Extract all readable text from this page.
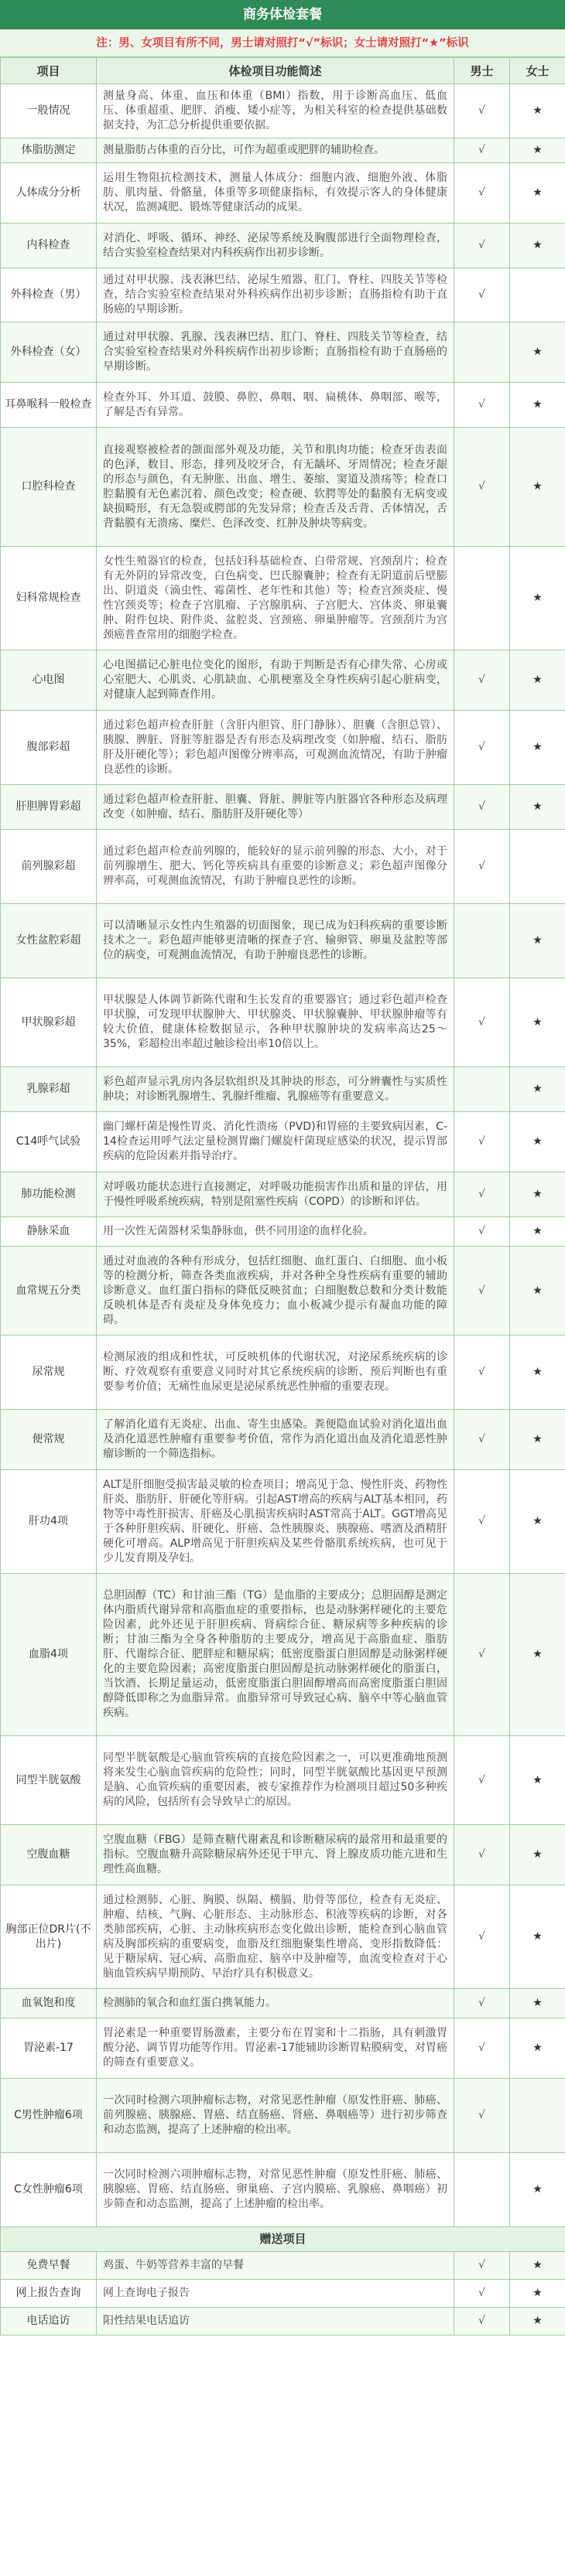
商务体检套餐
注：男、女项目有所不同，男士请对照打“√”标识；女士请对照打“★”标识
项目	体检项目功能简述	男士	女士
一般情况	测量身高、体重、血压和体重（BMI）指数，用于诊断高血压、低血压、体重超重、肥胖、消瘦、矮小症等，为相关科室的检查提供基础数据支持，为汇总分析提供重要依据。	√	★
体脂肪测定	测量脂肪占体重的百分比，可作为超重或肥胖的辅助检查。	√	★
人体成分分析	运用生物阻抗检测技术，测量人体成分：细胞内液、细胞外液、体脂肪、肌肉量、骨骼量，体重等多项健康指标，有效提示客人的身体健康状况，监测减肥、锻炼等健康活动的成果。	√	★
内科检查	对消化、呼吸、循环、神经、泌尿等系统及胸腹部进行全面物理检查，结合实验室检查结果对内科疾病作出初步诊断。	√	★
外科检查（男）	通过对甲状腺、浅表淋巴结、泌尿生殖器、肛门、脊柱、四肢关节等检查，结合实验室检查结果对外科疾病作出初步诊断；直肠指检有助于直肠癌的早期诊断。	√	
外科检查（女）	通过对甲状腺、乳腺、浅表淋巴结、肛门、脊柱、四肢关节等检查，结合实验室检查结果对外科疾病作出初步诊断；直肠指检有助于直肠癌的早期诊断。		★
耳鼻喉科一般检查	检查外耳、外耳道、鼓膜、鼻腔、鼻咽、咽、扁桃体、鼻咽部、喉等，了解是否有异常。	√	★
口腔科检查	直接观察被检者的颌面部外观及功能，关节和肌肉功能；检查牙齿表面的色泽，数目、形态，排列及咬牙合，有无龋坏、牙周情况；检查牙龈的形态与颜色，有无肿胀、出血、增生、萎缩、窦道及溃疡等；检查口腔黏膜有无色素沉着、颜色改变；检查硬、软腭等处的黏膜有无病变或缺损畸形，有无急裂或腭部的先发异常；检查舌及舌背、舌体情况，舌背黏膜有无溃疡、糜烂、色泽改变、红肿及肿块等病变。	√	★
妇科常规检查	女性生殖器官的检查，包括妇科基础检查、白带常规、宫颈刮片；检查有无外阴的异常改变，白色病变、巴氏腺囊肿；检查有无阴道前后壁膨出、阴道炎（滴虫性、霉菌性、老年性和其他）等；检查宫颈炎症、慢性宫颈炎等；检查子宫肌瘤、子宫腺肌病、子宫肥大、宫体炎、卵巢囊肿、附件包块、附件炎、盆腔炎、宫颈癌、卵巢肿瘤等。宫颈刮片为宫颈癌普查常用的细胞学检查。		★
心电图	心电图描记心脏电位变化的图形，有助于判断是否有心律失常、心房或心室肥大、心肌炎、心肌缺血、心肌梗塞及全身性疾病引起心脏病变，对健康人起到筛查作用。	√	★
腹部彩超	通过彩色超声检查肝脏（含肝内胆管、肝门静脉）、胆囊（含胆总管）、胰腺、脾脏、肾脏等脏器是否有形态及病理改变（如肿瘤、结石、脂肪肝及肝硬化等）；彩色超声图像分辨率高，可观测血流情况，有助于肿瘤良恶性的诊断。	√	★
肝胆脾胃彩超	通过彩色超声检查肝脏、胆囊、肾脏、脾脏等内脏器官各种形态及病理改变（如肿瘤、结石、脂肪肝及肝硬化等）	√	★
前列腺彩超	通过彩色超声检查前列腺的，能较好的显示前列腺的形态、大小，对于前列腺增生、肥大、钙化等疾病具有重要的诊断意义；彩色超声图像分辨率高，可观测血流情况，有助于肿瘤良恶性的诊断。	√	
女性盆腔彩超	可以清晰显示女性内生殖器的切面图象，现已成为妇科疾病的重要诊断技术之一。彩色超声能够更清晰的探查子宫、输卵管、卵巢及盆腔等部位的病变，可观测血流情况，有助于肿瘤良恶性的诊断。		★
甲状腺彩超	甲状腺是人体调节新陈代谢和生长发育的重要器官；通过彩色超声检查甲状腺，可发现甲状腺肿大、甲状腺炎、甲状腺囊肿、甲状腺肿瘤等有较大价值，健康体检数据显示，各种甲状腺肿块的发病率高达25～35%，彩超检出率超过触诊检出率10倍以上。	√	★
乳腺彩超	彩色超声显示乳房内各层软组织及其肿块的形态，可分辨囊性与实质性肿块；对诊断乳腺增生、乳腺纤维瘤、乳腺癌等有重要意义。		★
C14呼气试验	幽门螺杆菌是慢性胃炎、消化性溃疡（PVD)和胃癌的主要致病因素，C-14检查运用呼气法定量检测胃幽门螺旋杆菌现症感染的状况，提示胃部疾病的危险因素并指导治疗。	√	★
肺功能检测	对呼吸功能状态进行直接测定，对呼吸功能损害作出质和量的评估，用于慢性呼吸系统疾病，特别是阻塞性疾病（COPD）的诊断和评估。	√	★
静脉采血	用一次性无菌器材采集静脉血，供不同用途的血样化验。	√	★
血常规五分类	通过对血液的各种有形成分，包括红细胞、血红蛋白、白细胞、血小板等的检测分析，筛查各类血液疾病，并对各种全身性疾病有重要的辅助诊断意义。血红蛋白指标的降低反映贫血；白细胞数总数和分类计数能反映机体是否有炎症及身体免疫力；血小板减少提示有凝血功能的障碍。	√	★
尿常规	检测尿液的组成和性状，可反映机体的代谢状况，对泌尿系统疾病的诊断、疗效观察有重要意义同时对其它系统疾病的诊断、预后判断也有重要参考价值；无痛性血尿更是泌尿系统恶性肿瘤的重要表现。	√	★
便常规	了解消化道有无炎症、出血、寄生虫感染。粪便隐血试验对消化道出血及消化道恶性肿瘤有重要参考价值，常作为消化道出血及消化道恶性肿瘤诊断的一个筛选指标。	√	★
肝功4项	ALT是肝细胞受损害最灵敏的检查项目；增高见于急、慢性肝炎、药物性肝炎、脂肪肝、肝硬化等肝病。引起AST增高的疾病与ALT基本相同，药物等中毒性肝损害、肝癌及心肌损害疾病时AST常高于ALT。GGT增高见于各种肝胆疾病、肝硬化、肝癌、急性胰腺炎、胰腺癌、嗜酒及酒精肝硬化可增高。ALP增高见于肝胆疾病及某些骨骼肌系统疾病，也可见于少儿发育期及孕妇。	√	★
血脂4项	总胆固醇（TC）和甘油三酯（TG）是血脂的主要成分；总胆固醇是测定体内脂质代谢异常和高脂血症的重要指标，也是动脉粥样硬化的主要危险因素，此外还见于肝胆疾病、肾病综合征、糖尿病等多种疾病的诊断；甘油三酯为全身各种脂肪的主要成分，增高见于高脂血症、脂肪肝、代谢综合征、肥胖症和糖尿病；低密度脂蛋白胆固醇是动脉粥样硬化的主要危险因素；高密度脂蛋白胆固醇是抗动脉粥样硬化的脂蛋白，当饮酒、长期足量运动，低密度脂蛋白胆固醇增高而高密度脂蛋白胆固醇降低即称之为血脂异常。血脂异常可导致冠心病、脑卒中等心脑血管疾病。	√	★
同型半胱氨酸	同型半胱氨酸是心脑血管疾病的直接危险因素之一，可以更准确地预测将来发生心脑血管疾病的危险性；同时，同型半胱氨酸比基因更早预测是脑、心血管疾病的重要因素，被专家推荐作为检测项目超过50多种疾病的风险，包括所有会导致早亡的原因。	√	★
空腹血糖	空腹血糖（FBG）是筛查糖代谢紊乱和诊断糖尿病的最常用和最重要的指标。空腹血糖升高除糖尿病外还见于甲亢、肾上腺皮质功能亢进和生理性高血糖。	√	★
胸部正位DR片(不出片)	通过检测肺、心脏、胸膜、纵隔、横膈、肋骨等部位，检查有无炎症、肿瘤、结核、气胸、心脏形态、主动脉形态、积液等疾病的诊断，对各类肺部疾病，心脏、主动脉疾病形态变化做出诊断，能检查到心脑血管病及胸部疾病的重要病变，血脂及红细胞聚集性增高、变形指数降低：见于糖尿病、冠心病、高脂血症、脑卒中及肿瘤等，血流变检查对于心脑血管疾病早期预防、早治疗具有积极意义。	√	★
血氧饱和度	检测肺的氧合和血红蛋白携氧能力。	√	★
胃泌素-17	胃泌素是一种重要胃肠激素，主要分布在胃窦和十二指肠，具有刺激胃酸分泌、调节胃功能等作用。胃泌素-17能辅助诊断胃粘膜病变，对胃癌的筛查有重要意义。	√	★
C男性肿瘤6项	一次同时检测六项肿瘤标志物，对常见恶性肿瘤（原发性肝癌、肺癌、前列腺癌、胰腺癌、胃癌、结直肠癌、肾癌、鼻咽癌等）进行初步筛查和动态监测，提高了上述肿瘤的检出率。	√	
C女性肿瘤6项	一次同时检测六项肿瘤标志物，对常见恶性肿瘤（原发性肝癌、肺癌、胰腺癌、胃癌、结直肠癌、卵巢癌、子宫内膜癌、乳腺癌、鼻咽癌）初步筛查和动态监测，提高了上述肿瘤的检出率。		★
赠送项目			
免费早餐	鸡蛋、牛奶等营养丰富的早餐	√	★
网上报告查询	网上查询电子报告	√	★
电话追访	阳性结果电话追访	√	★
